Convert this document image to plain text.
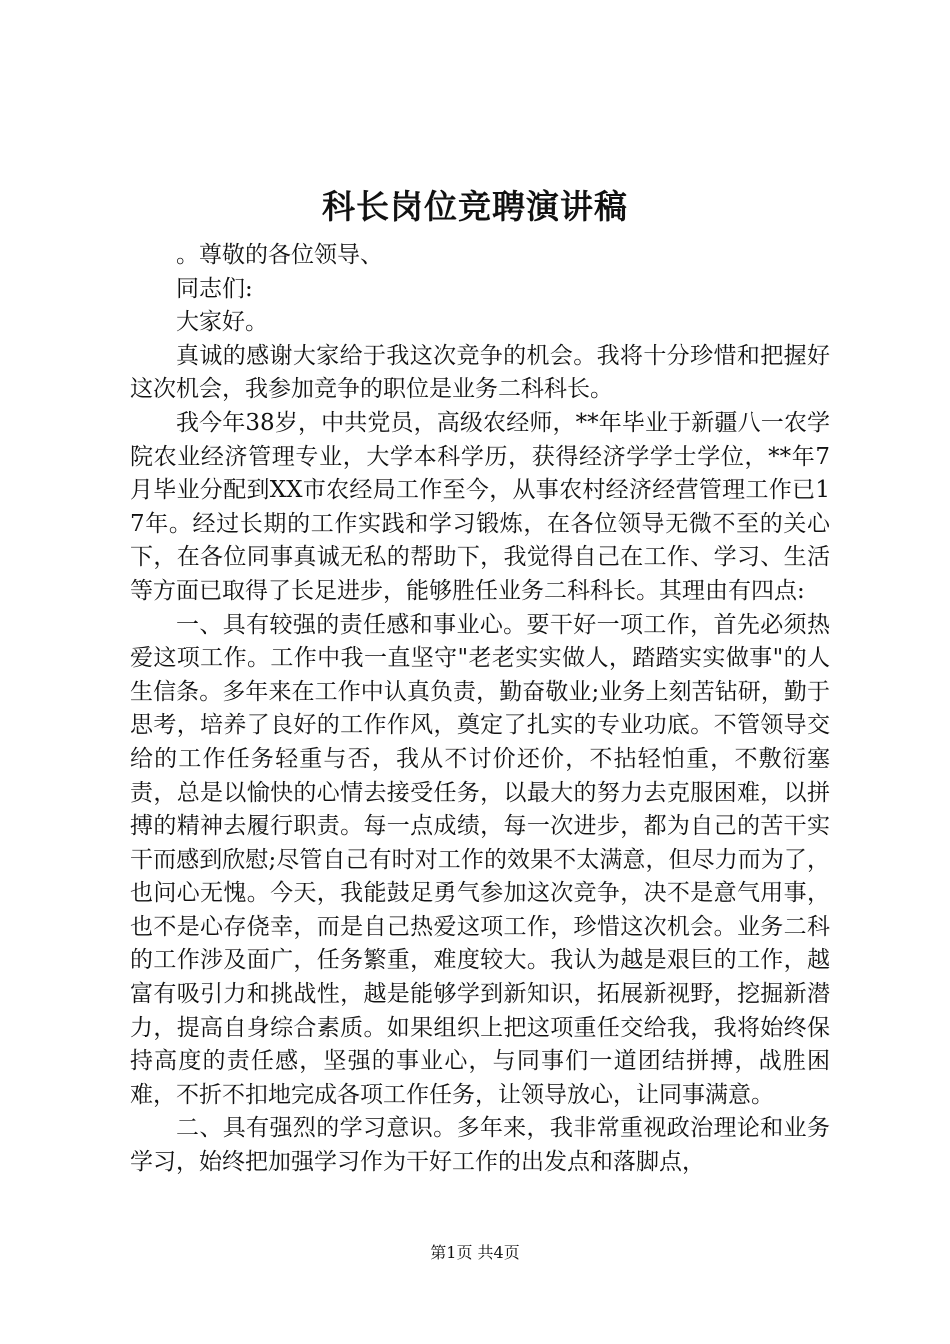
科长岗位竞聘演讲稿

。尊敬的各位领导、

同志们:

大家好。

真诚的感谢大家给于我这次竞争的机会。我将十分珍惜和把握好这次机会，我参加竞争的职位是业务二科科长。

我今年38岁，中共党员，高级农经师，**年毕业于新疆八一农学院农业经济管理专业，大学本科学历，获得经济学学士学位，**年7月毕业分配到XX市农经局工作至今，从事农村经济经营管理工作已17年。经过长期的工作实践和学习锻炼，在各位领导无微不至的关心下，在各位同事真诚无私的帮助下，我觉得自己在工作、学习、生活等方面已取得了长足进步，能够胜任业务二科科长。其理由有四点:

一、具有较强的责任感和事业心。要干好一项工作，首先必须热爱这项工作。工作中我一直坚守"老老实实做人，踏踏实实做事"的人生信条。多年来在工作中认真负责，勤奋敬业;业务上刻苦钻研，勤于思考，培养了良好的工作作风，奠定了扎实的专业功底。不管领导交给的工作任务轻重与否，我从不讨价还价，不拈轻怕重，不敷衍塞责，总是以愉快的心情去接受任务，以最大的努力去克服困难，以拼搏的精神去履行职责。每一点成绩，每一次进步，都为自己的苦干实干而感到欣慰;尽管自己有时对工作的效果不太满意，但尽力而为了，也问心无愧。今天，我能鼓足勇气参加这次竞争，决不是意气用事，也不是心存侥幸，而是自己热爱这项工作，珍惜这次机会。业务二科的工作涉及面广，任务繁重，难度较大。我认为越是艰巨的工作，越富有吸引力和挑战性，越是能够学到新知识，拓展新视野，挖掘新潜力，提高自身综合素质。如果组织上把这项重任交给我，我将始终保持高度的责任感，坚强的事业心，与同事们一道团结拼搏，战胜困难，不折不扣地完成各项工作任务，让领导放心，让同事满意。

二、具有强烈的学习意识。多年来，我非常重视政治理论和业务学习，始终把加强学习作为干好工作的出发点和落脚点，

第1页 共4页
